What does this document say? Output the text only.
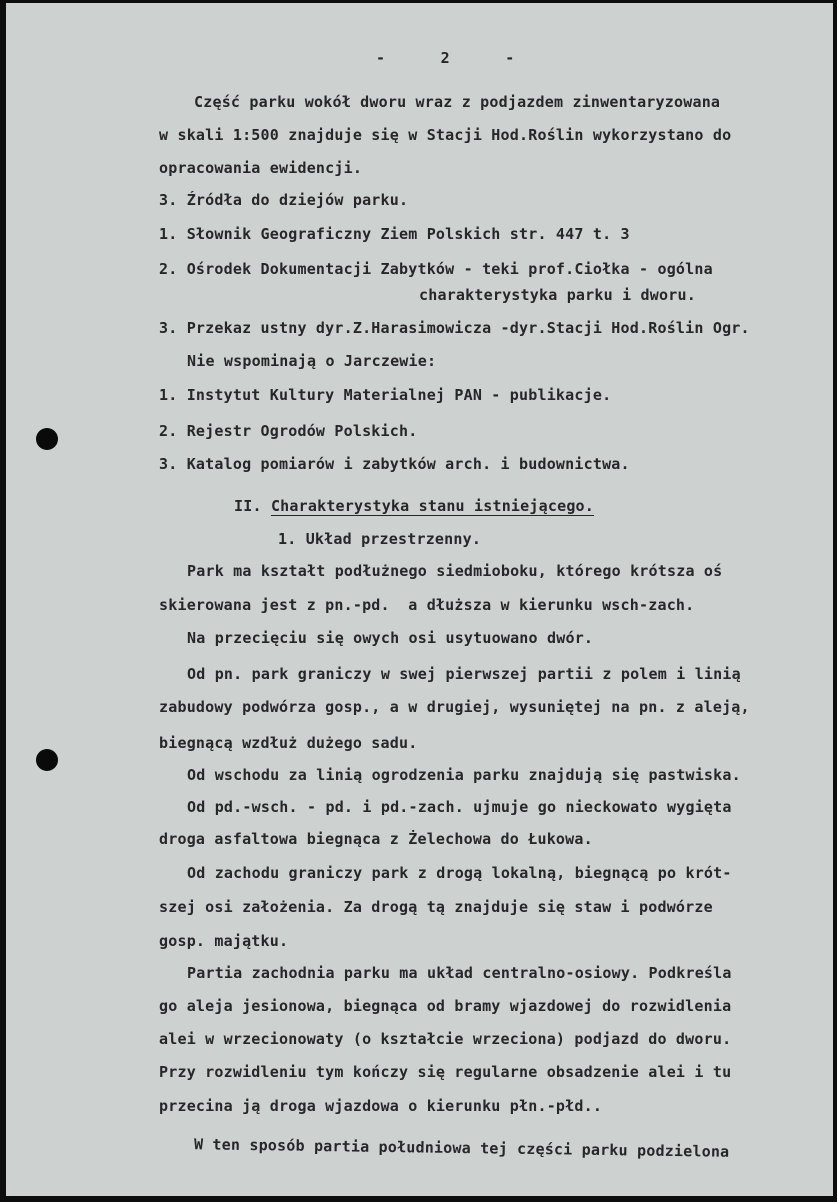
Część parku wokół dworu wraz z podjazdem zinwentaryzowana
w skali 1:500 znajduje się w Stacji Hod.Roślin wykorzystano do
opracowania ewidencji.
3. Źródła do dziejów parku.
1. Słownik Geograficzny Ziem Polskich str. 447 t. 3
2. Ośrodek Dokumentacji Zabytków - teki prof.Ciołka - ogólna
charakterystyka parku i dworu.
3. Przekaz ustny dyr.Z.Harasimowicza -dyr.Stacji Hod.Roślin Ogr.
Nie wspominają o Jarczewie:
1. Instytut Kultury Materialnej PAN - publikacje.
2. Rejestr Ogrodów Polskich.
3. Katalog pomiarów i zabytków arch. i budownictwa.
II. Charakterystyka stanu istniejącego.
1. Układ przestrzenny.
Park ma kształt podłużnego siedmioboku, którego krótsza oś
skierowana jest z pn.-pd.  a dłuższa w kierunku wsch-zach.
Na przecięciu się owych osi usytuowano dwór.
Od pn. park graniczy w swej pierwszej partii z polem i linią
zabudowy podwórza gosp., a w drugiej, wysuniętej na pn. z aleją,
biegnącą wzdłuż dużego sadu.
Od wschodu za linią ogrodzenia parku znajdują się pastwiska.
Od pd.-wsch. - pd. i pd.-zach. ujmuje go nieckowato wygięta
droga asfaltowa biegnąca z Żelechowa do Łukowa.
Od zachodu graniczy park z drogą lokalną, biegnącą po krót-
szej osi założenia. Za drogą tą znajduje się staw i podwórze
gosp. majątku.
Partia zachodnia parku ma układ centralno-osiowy. Podkreśla
go aleja jesionowa, biegnąca od bramy wjazdowej do rozwidlenia
alei w wrzecionowaty (o kształcie wrzeciona) podjazd do dworu.
Przy rozwidleniu tym kończy się regularne obsadzenie alei i tu
przecina ją droga wjazdowa o kierunku płn.-płd..
W ten sposób partia południowa tej części parku podzielona
-      2      -
